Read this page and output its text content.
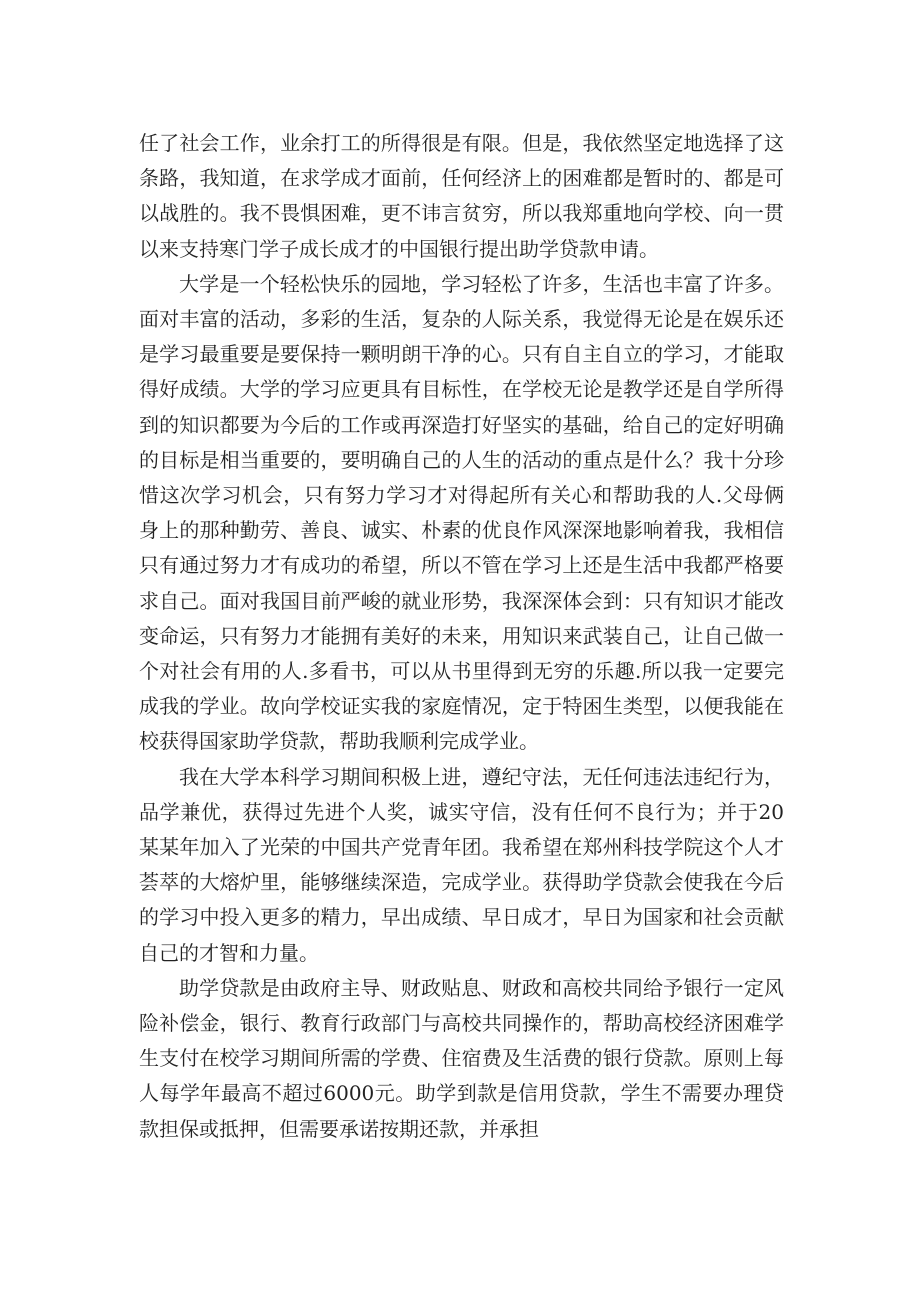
任了社会工作，业余打工的所得很是有限。但是，我依然坚定地选择了这条路，我知道，在求学成才面前，任何经济上的困难都是暂时的、都是可以战胜的。我不畏惧困难，更不讳言贫穷，所以我郑重地向学校、向一贯以来支持寒门学子成长成才的中国银行提出助学贷款申请。

大学是一个轻松快乐的园地，学习轻松了许多，生活也丰富了许多。面对丰富的活动，多彩的生活，复杂的人际关系，我觉得无论是在娱乐还是学习最重要是要保持一颗明朗干净的心。只有自主自立的学习，才能取得好成绩。大学的学习应更具有目标性，在学校无论是教学还是自学所得到的知识都要为今后的工作或再深造打好坚实的基础，给自己的定好明确的目标是相当重要的，要明确自己的人生的活动的重点是什么？我十分珍惜这次学习机会，只有努力学习才对得起所有关心和帮助我的人.父母俩身上的那种勤劳、善良、诚实、朴素的优良作风深深地影响着我，我相信只有通过努力才有成功的希望，所以不管在学习上还是生活中我都严格要求自己。面对我国目前严峻的就业形势，我深深体会到：只有知识才能改变命运，只有努力才能拥有美好的未来，用知识来武装自己，让自己做一个对社会有用的人.多看书，可以从书里得到无穷的乐趣.所以我一定要完成我的学业。故向学校证实我的家庭情况，定于特困生类型，以便我能在校获得国家助学贷款，帮助我顺利完成学业。

我在大学本科学习期间积极上进，遵纪守法，无任何违法违纪行为，品学兼优，获得过先进个人奖，诚实守信，没有任何不良行为；并于20某某年加入了光荣的中国共产党青年团。我希望在郑州科技学院这个人才荟萃的大熔炉里，能够继续深造，完成学业。获得助学贷款会使我在今后的学习中投入更多的精力，早出成绩、早日成才，早日为国家和社会贡献自己的才智和力量。

助学贷款是由政府主导、财政贴息、财政和高校共同给予银行一定风险补偿金，银行、教育行政部门与高校共同操作的，帮助高校经济困难学生支付在校学习期间所需的学费、住宿费及生活费的银行贷款。原则上每人每学年最高不超过6000元。助学到款是信用贷款，学生不需要办理贷款担保或抵押，但需要承诺按期还款，并承担
